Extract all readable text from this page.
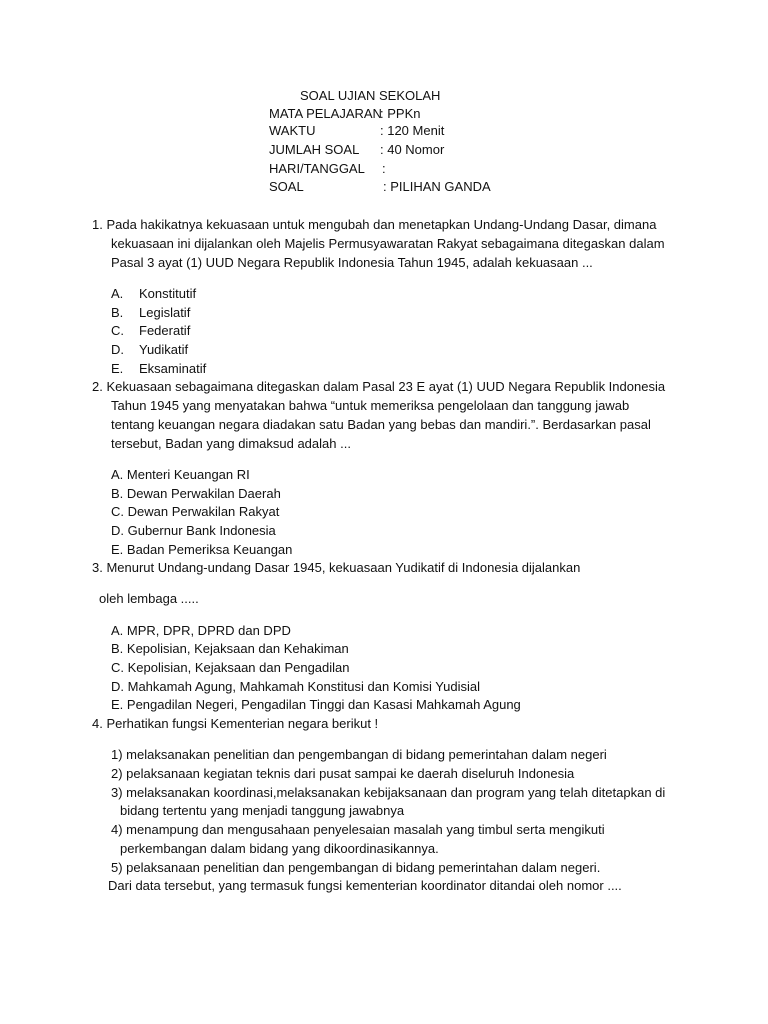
SOAL UJIAN SEKOLAH
MATA PELAJARAN
: PPKn
WAKTU	: 120 Menit
JUMLAH SOAL : 40 Nomor
HARI/TANGGAL :
SOAL	: PILIHAN GANDA
1. Pada hakikatnya kekuasaan untuk mengubah dan menetapkan Undang-Undang Dasar, dimana
kekuasaan ini dijalankan oleh Majelis Permusyawaratan Rakyat sebagaimana ditegaskan dalam
Pasal 3 ayat (1) UUD Negara Republik Indonesia Tahun 1945, adalah kekuasaan ...
A. Konstitutif
B. Legislatif
C. Federatif
D. Yudikatif
E. Eksaminatif
2. Kekuasaan sebagaimana ditegaskan dalam Pasal 23 E ayat (1) UUD Negara Republik Indonesia
Tahun 1945 yang menyatakan bahwa “untuk memeriksa pengelolaan dan tanggung jawab
tentang keuangan negara diadakan satu Badan yang bebas dan mandiri.”. Berdasarkan pasal
tersebut, Badan yang dimaksud adalah ...
A. Menteri Keuangan RI
B. Dewan Perwakilan Daerah
C. Dewan Perwakilan Rakyat
D. Gubernur Bank Indonesia
E. Badan Pemeriksa Keuangan
3. Menurut Undang-undang Dasar 1945, kekuasaan Yudikatif di Indonesia dijalankan
oleh lembaga .....
A. MPR, DPR, DPRD dan DPD
B. Kepolisian, Kejaksaan dan Kehakiman
C. Kepolisian, Kejaksaan dan Pengadilan
D. Mahkamah Agung, Mahkamah Konstitusi dan Komisi Yudisial
E. Pengadilan Negeri, Pengadilan Tinggi dan Kasasi Mahkamah Agung
4. Perhatikan fungsi Kementerian negara berikut !
1) melaksanakan penelitian dan pengembangan di bidang pemerintahan dalam negeri
2) pelaksanaan kegiatan teknis dari pusat sampai ke daerah diseluruh Indonesia
3) melaksanakan koordinasi,melaksanakan kebijaksanaan dan program yang telah ditetapkan di
bidang tertentu yang menjadi tanggung jawabnya
4) menampung dan mengusahaan penyelesaian masalah yang timbul serta mengikuti
perkembangan dalam bidang yang dikoordinasikannya.
5) pelaksanaan penelitian dan pengembangan di bidang pemerintahan dalam negeri.
Dari data tersebut, yang termasuk fungsi kementerian koordinator ditandai oleh nomor ....
